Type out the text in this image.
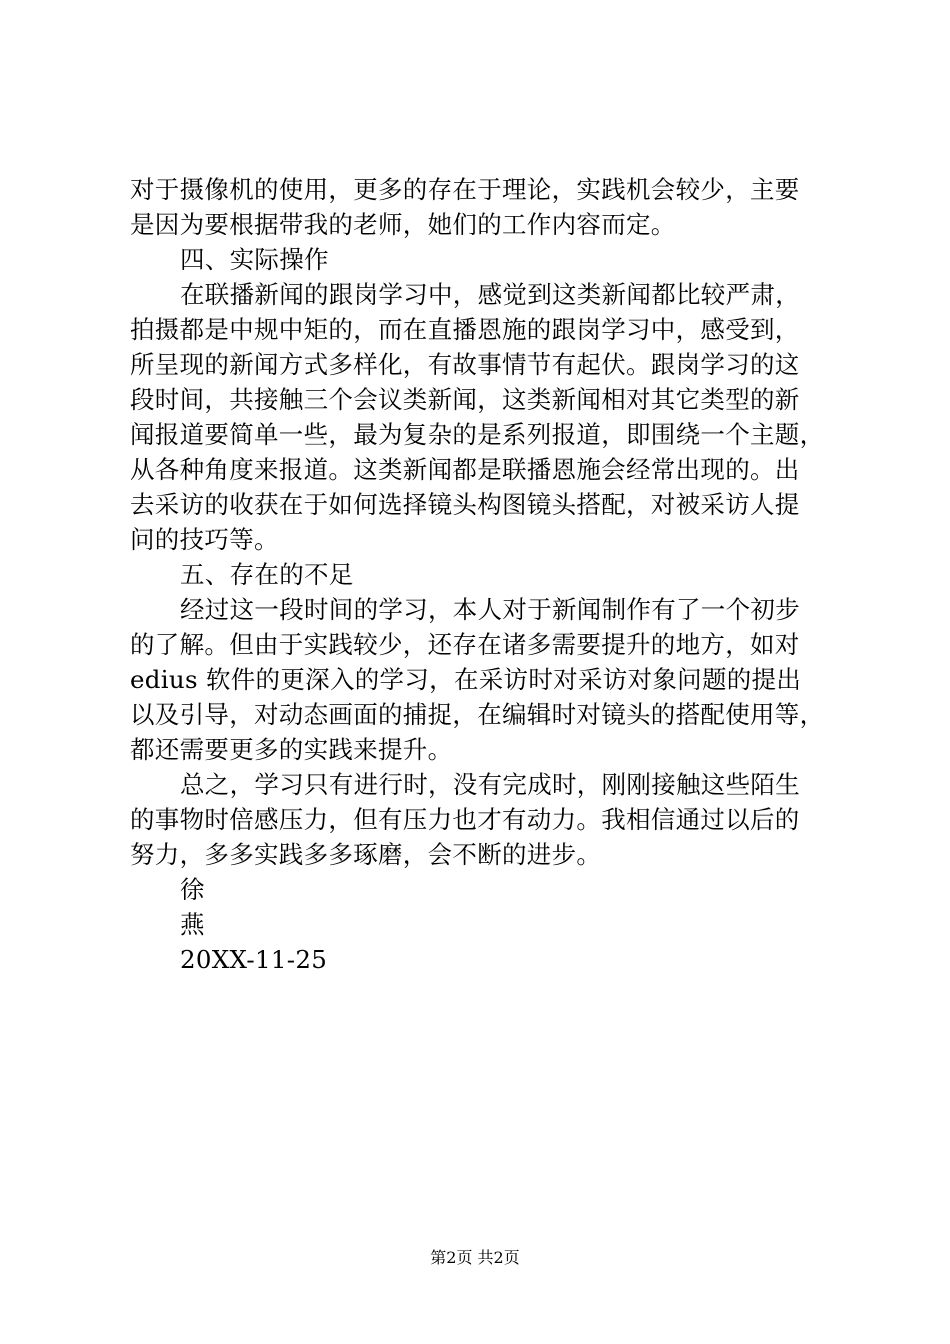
对于摄像机的使用，更多的存在于理论，实践机会较少，主要
是因为要根据带我的老师，她们的工作内容而定。
四、实际操作
在联播新闻的跟岗学习中，感觉到这类新闻都比较严肃，
拍摄都是中规中矩的，而在直播恩施的跟岗学习中，感受到，
所呈现的新闻方式多样化，有故事情节有起伏。跟岗学习的这
段时间，共接触三个会议类新闻，这类新闻相对其它类型的新
闻报道要简单一些，最为复杂的是系列报道，即围绕一个主题，
从各种角度来报道。这类新闻都是联播恩施会经常出现的。出
去采访的收获在于如何选择镜头构图镜头搭配，对被采访人提
问的技巧等。
五、存在的不足
经过这一段时间的学习，本人对于新闻制作有了一个初步
的了解。但由于实践较少，还存在诸多需要提升的地方，如对
edius 软件的更深入的学习，在采访时对采访对象问题的提出
以及引导，对动态画面的捕捉，在编辑时对镜头的搭配使用等，
都还需要更多的实践来提升。
总之，学习只有进行时，没有完成时，刚刚接触这些陌生
的事物时倍感压力，但有压力也才有动力。我相信通过以后的
努力，多多实践多多琢磨，会不断的进步。
徐
燕
20XX-11-25
第2页 共2页
